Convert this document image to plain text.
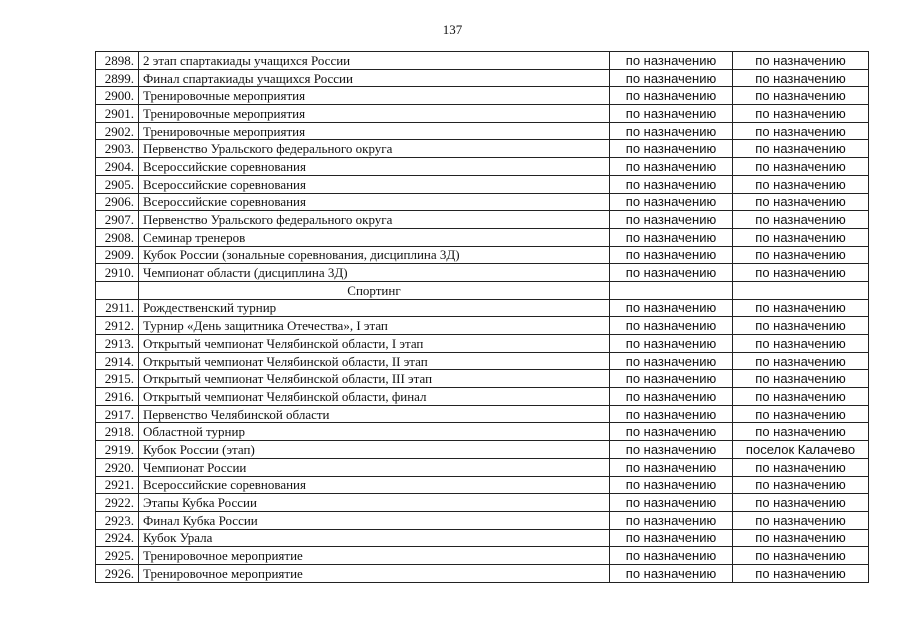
137
2898.	2 этап спартакиады учащихся России	по назначению	по назначению
2899.	Финал спартакиады учащихся России	по назначению	по назначению
2900.	Тренировочные мероприятия	по назначению	по назначению
2901.	Тренировочные мероприятия	по назначению	по назначению
2902.	Тренировочные мероприятия	по назначению	по назначению
2903.	Первенство Уральского федерального округа	по назначению	по назначению
2904.	Всероссийские соревнования	по назначению	по назначению
2905.	Всероссийские соревнования	по назначению	по назначению
2906.	Всероссийские соревнования	по назначению	по назначению
2907.	Первенство Уральского федерального округа	по назначению	по назначению
2908.	Семинар тренеров	по назначению	по назначению
2909.	Кубок России (зональные соревнования, дисциплина 3Д)	по назначению	по назначению
2910.	Чемпионат области (дисциплина 3Д)	по назначению	по назначению
	Спортинг		
2911.	Рождественский турнир	по назначению	по назначению
2912.	Турнир «День защитника Отечества», I этап	по назначению	по назначению
2913.	Открытый чемпионат Челябинской области, I этап	по назначению	по назначению
2914.	Открытый чемпионат Челябинской области, II этап	по назначению	по назначению
2915.	Открытый чемпионат Челябинской области, III этап	по назначению	по назначению
2916.	Открытый чемпионат Челябинской области, финал	по назначению	по назначению
2917.	Первенство Челябинской области	по назначению	по назначению
2918.	Областной турнир	по назначению	по назначению
2919.	Кубок России (этап)	по назначению	поселок Калачево
2920.	Чемпионат России	по назначению	по назначению
2921.	Всероссийские соревнования	по назначению	по назначению
2922.	Этапы Кубка России	по назначению	по назначению
2923.	Финал Кубка России	по назначению	по назначению
2924.	Кубок Урала	по назначению	по назначению
2925.	Тренировочное мероприятие	по назначению	по назначению
2926.	Тренировочное мероприятие	по назначению	по назначению
